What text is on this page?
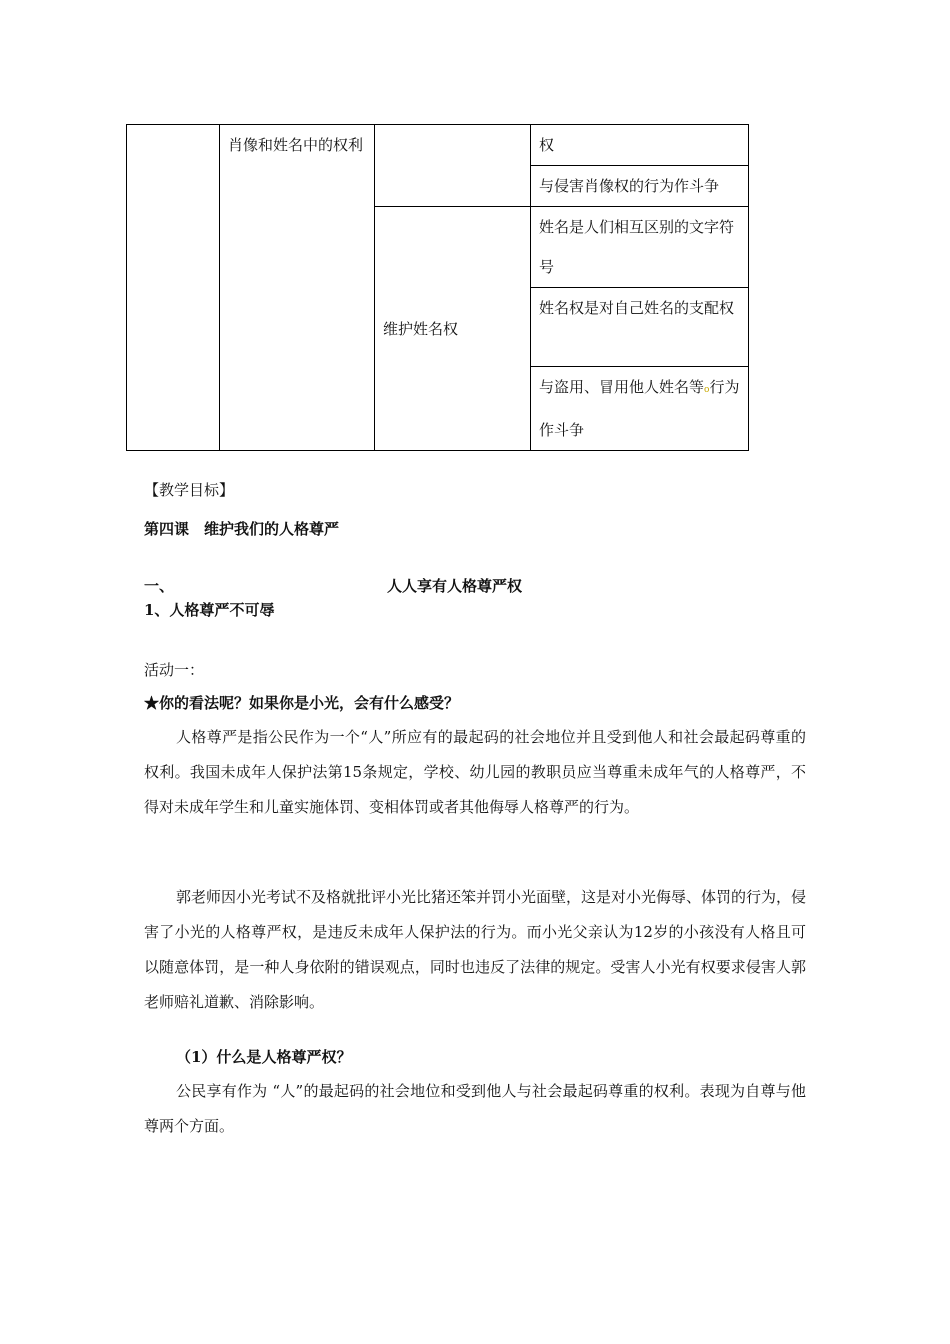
	肖像和姓名中的权利		权
			与侵害肖像权的行为作斗争
		维护姓名权	姓名是人们相互区别的文字符号
			姓名权是对自己姓名的支配权
			与盗用、冒用他人姓名等o行为作斗争
【教学目标】
第四课　维护我们的人格尊严
一、	人人享有人格尊严权
1、人格尊严不可辱
活动一：
★你的看法呢？如果你是小光，会有什么感受？
人格尊严是指公民作为一个“人”所应有的最起码的社会地位并且受到他人和社会最起码尊重的权利。我国未成年人保护法第15条规定，学校、幼儿园的教职员应当尊重未成年气的人格尊严，不得对未成年学生和儿童实施体罚、变相体罚或者其他侮辱人格尊严的行为。
郭老师因小光考试不及格就批评小光比猪还笨并罚小光面壁，这是对小光侮辱、体罚的行为，侵害了小光的人格尊严权，是违反未成年人保护法的行为。而小光父亲认为12岁的小孩没有人格且可以随意体罚，是一种人身依附的错误观点，同时也违反了法律的规定。受害人小光有权要求侵害人郭老师赔礼道歉、消除影响。
（1）什么是人格尊严权？
公民享有作为 “人”的最起码的社会地位和受到他人与社会最起码尊重的权利。表现为自尊与他尊两个方面。
